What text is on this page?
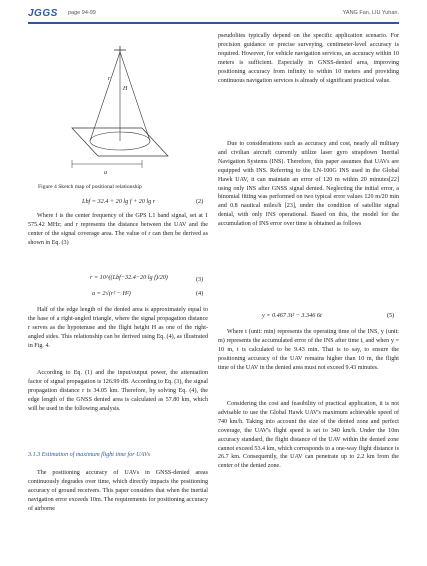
JGGS page 94-99	YANG Fan, LIU Yuhan.
H
r
a
Figure 4 Sketch map of positional relationship
Lbf = 32.4 + 20 lg f + 20 lg r	(2)

Where f is the center frequency of the GPS L1 band signal, set at 1 575.42 MHz; and r represents the distance between the UAV and the center of the signal coverage area. The value of r can then be derived as shown in Eq. (3)

r = 10^((Lbf−32.4−20 lg f)/20)	(3)
a = 2√(r² − H²)	(4)

Half of the edge length of the denied area is approximately equal to the base of a right-angled triangle, where the signal propagation distance r serves as the hypotenuse and the flight height H as one of the right-angled sides. This relationship can be derived using Eq. (4), as illustrated in Fig. 4.

According to Eq. (1) and the input/output power, the attenuation factor of signal propagation is 126.99 dB. According to Eq. (3), the signal propagation distance r is 34.05 km. Therefore, by solving Eq. (4), the edge length of the GNSS denied area is calculated as 57.80 km, which will be used in the following analysis.

3.1.3 Estimation of maximum flight time for UAVs

The positioning accuracy of UAVs in GNSS-denied areas continuously degrades over time, which directly impacts the positioning accuracy of ground receivers. This paper considers that when the inertial navigation error exceeds 10m. The requirements for positioning accuracy of airborne

pseudolites typically depend on the specific application scenario. For precision guidance or precise surveying, centimeter-level accuracy is required. However, for vehicle navigation services, an accuracy within 10 meters is sufficient. Especially in GNSS-denied area, improving positioning accuracy from infinity to within 10 meters and providing continuous navigation services is already of significant practical value.

Due to considerations such as accuracy and cost, nearly all military and civilian aircraft currently utilize laser gyro strapdown Inertial Navigation Systems (INS). Therefore, this paper assumes that UAVs are equipped with INS. Referring to the LN-100G INS used in the Global Hawk UAV, it can maintain an error of 120 m within 20 minutes[22] using only INS after GNSS signal denied. Neglecting the initial error, a binomial fitting was performed on two typical error values 120 m/20 min and 0.8 nautical miles/h [23], under the condition of satellite signal denial, with only INS operational. Based on this, the model for the accumulation of INS error over time is obtained as follows

y = 0.467 3t² − 3.346 6t	(5)

Where t (unit: min) represents the operating time of the INS, y (unit: m) represents the accumulated error of the INS after time t, and when y = 10 m, t is calculated to be 9.43 min. That is to say, to ensure the positioning accuracy of the UAV remains higher than 10 m, the flight time of the UAV in the denied area must not exceed 9.43 minutes.

Considering the cost and feasibility of practical application, it is not advisable to use the Global Hawk UAV's maximum achievable speed of 740 km/h. Taking into account the size of the denied zone and perfect coverage, the UAV's flight speed is set to 340 km/h. Under the 10m accuracy standard, the flight distance of the UAV within the denied zone cannot exceed 53.4 km, which corresponds to a one-way flight distance is 26.7 km. Consequently, the UAV can penetrate up to 2.2 km from the center of the denied zone.
